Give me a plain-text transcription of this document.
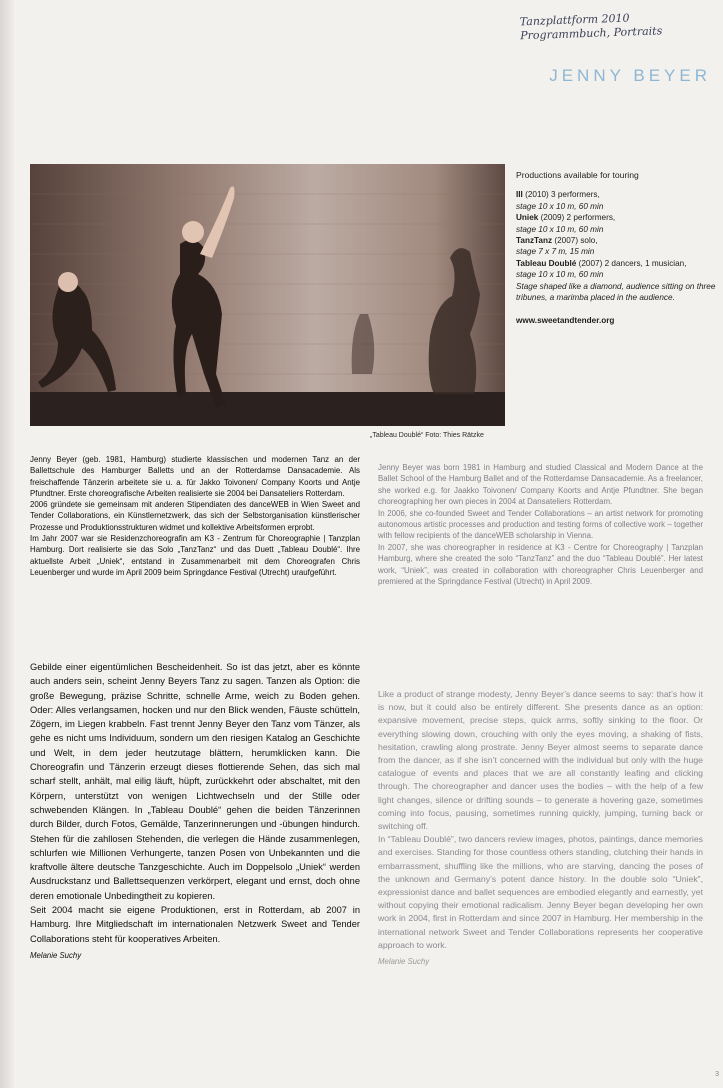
Tanzplattform 2010
Programmbuch, Portraits
JENNY BEYER
„Tableau Doublé“ Foto: Thies Rätzke
Productions available for touring
III (2010) 3 performers,
stage 10 x 10 m, 60 min
Uniek (2009) 2 performers,
stage 10 x 10 m, 60 min
TanzTanz (2007) solo,
stage 7 x 7 m, 15 min
Tableau Doublé (2007) 2 dancers, 1 musician,
stage 10 x 10 m, 60 min
Stage shaped like a diamond, audience sitting on three tribunes, a marimba placed in the audience.
www.sweetandtender.org

Jenny Beyer (geb. 1981, Hamburg) studierte klassischen und modernen Tanz an der Ballettschule des Hamburger Balletts und an der Rotterdamse Dansacademie. Als freischaffende Tänzerin arbeitete sie u. a. für Jakko Toivonen/ Company Koorts und Antje Pfundtner. Erste choreografische Arbeiten realisierte sie 2004 bei Dansateliers Rotterdam.

2006 gründete sie gemeinsam mit anderen Stipendiaten des danceWEB in Wien Sweet and Tender Collaborations, ein Künstlernetzwerk, das sich der Selbstorganisation künstlerischer Prozesse und Produktionsstrukturen widmet und kollektive Arbeitsformen erprobt.

Im Jahr 2007 war sie Residenzchoreografin am K3 - Zentrum für Choreographie | Tanzplan Hamburg. Dort realisierte sie das Solo „TanzTanz“ und das Duett „Tableau Doublé“. Ihre aktuellste Arbeit „Uniek“, entstand in Zusammenarbeit mit dem Choreografen Chris Leuenberger und wurde im April 2009 beim Springdance Festival (Utrecht) uraufgeführt.

Gebilde einer eigentümlichen Bescheidenheit. So ist das jetzt, aber es könnte auch anders sein, scheint Jenny Beyers Tanz zu sagen. Tanzen als Option: die große Bewegung, präzise Schritte, schnelle Arme, weich zu Boden gehen. Oder: Alles verlangsamen, hocken und nur den Blick wenden, Fäuste schütteln, Zögern, im Liegen krabbeln. Fast trennt Jenny Beyer den Tanz vom Tänzer, als gehe es nicht ums Individuum, sondern um den riesigen Katalog an Geschichte und Welt, in dem jeder heutzutage blättern, herumklicken kann. Die Choreografin und Tänzerin erzeugt dieses flottierende Sehen, das sich mal scharf stellt, anhält, mal eilig läuft, hüpft, zurückkehrt oder abschaltet, mit den Körpern, unterstützt von wenigen Lichtwechseln und der Stille oder schwebenden Klängen. In „Tableau Doublé“ gehen die beiden Tänzerinnen durch Bilder, durch Fotos, Gemälde, Tanzerinnerungen und -übungen hindurch. Stehen für die zahllosen Stehenden, die verlegen die Hände zusammenlegen, schlurfen wie Millionen Verhungerte, tanzen Posen von Unbekannten und die kraftvolle ältere deutsche Tanzgeschichte. Auch im Doppelsolo „Uniek“ werden Ausdruckstanz und Ballettsequenzen verkörpert, elegant und ernst, doch ohne deren emotionale Unbedingtheit zu kopieren.

Seit 2004 macht sie eigene Produktionen, erst in Rotterdam, ab 2007 in Hamburg. Ihre Mitgliedschaft im internationalen Netzwerk Sweet and Tender Collaborations steht für kooperatives Arbeiten.

Melanie Suchy

Jenny Beyer was born 1981 in Hamburg and studied Classical and Modern Dance at the Ballet School of the Hamburg Ballet and of the Rotterdamse Dansacademie. As a freelancer, she worked e.g. for Jaakko Toivonen/ Company Koorts and Antje Pfundtner. She began choreographing her own pieces in 2004 at Dansateliers Rotterdam.

In 2006, she co-founded Sweet and Tender Collaborations – an artist network for promoting autonomous artistic processes and production and testing forms of collective work – together with fellow recipients of the danceWEB scholarship in Vienna.

In 2007, she was choreographer in residence at K3 - Centre for Choreography | Tanzplan Hamburg, where she created the solo “TanzTanz” and the duo “Tableau Doublé”. Her latest work, “Uniek”, was created in collaboration with choreographer Chris Leuenberger and premiered at the Springdance Festival (Utrecht) in April 2009.

Like a product of strange modesty, Jenny Beyer’s dance seems to say: that’s how it is now, but it could also be entirely different. She presents dance as an option: expansive movement, precise steps, quick arms, softly sinking to the floor. Or everything slowing down, crouching with only the eyes moving, a shaking of fists, hesitation, crawling along prostrate. Jenny Beyer almost seems to separate dance from the dancer, as if she isn’t concerned with the individual but only with the huge catalogue of events and places that we are all constantly leafing and clicking through. The choreographer and dancer uses the bodies – with the help of a few light changes, silence or drifting sounds – to generate a hovering gaze, sometimes coming into focus, pausing, sometimes running quickly, jumping, turning back or switching off.

In “Tableau Doublé”, two dancers review images, photos, paintings, dance memories and exercises. Standing for those countless others standing, clutching their hands in embarrassment, shuffling like the millions, who are starving, dancing the poses of the unknown and Germany’s potent dance history. In the double solo “Uniek”, expressionist dance and ballet sequences are embodied elegantly and earnestly, yet without copying their emotional radicalism. Jenny Beyer began developing her own work in 2004, first in Rotterdam and since 2007 in Hamburg. Her membership in the international network Sweet and Tender Collaborations represents her cooperative approach to work.

Melanie Suchy
3
